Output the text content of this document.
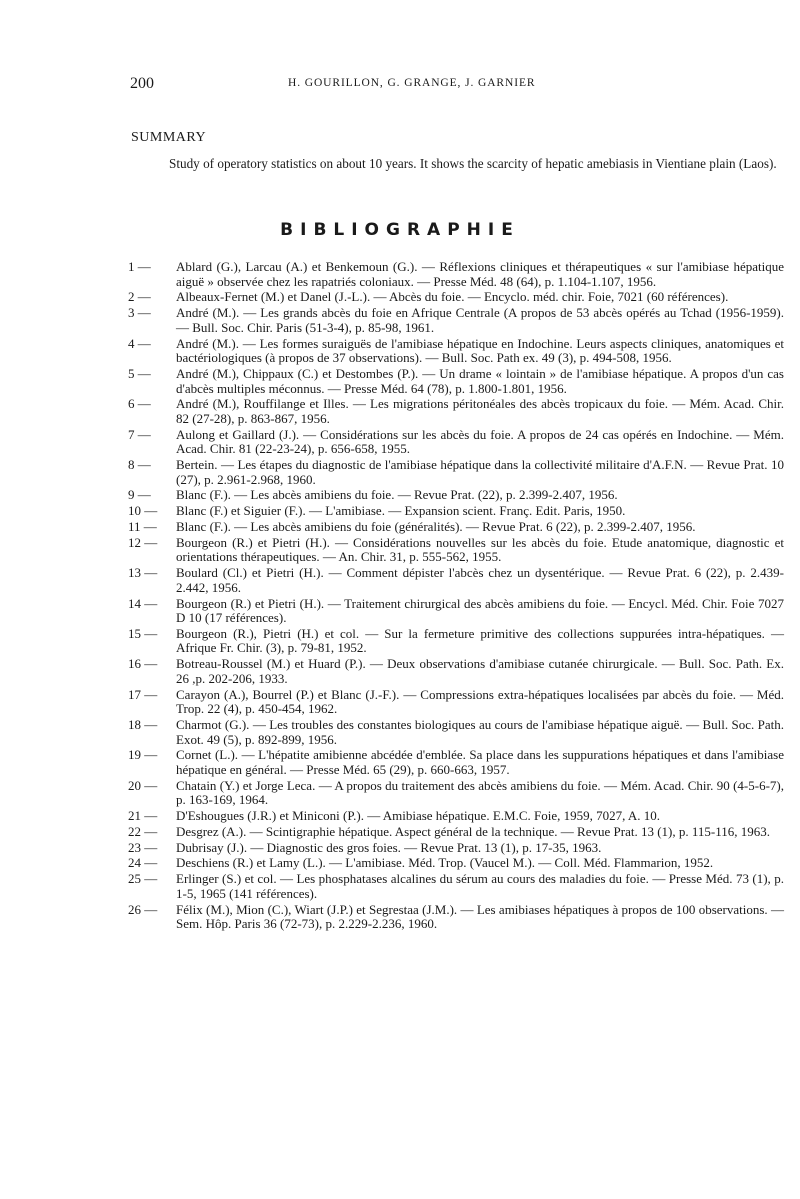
200	H. GOURILLON, G. GRANGE, J. GARNIER
SUMMARY
Study of operatory statistics on about 10 years. It shows the scarcity of hepatic amebiasis in Vientiane plain (Laos).
BIBLIOGRAPHIE
1 —	Ablard (G.), Larcau (A.) et Benkemoun (G.). — Réflexions cliniques et thérapeutiques « sur l'amibiase hépatique aiguë » observée chez les rapatriés coloniaux. — Presse Méd. 48 (64), p. 1.104-1.107, 1956.
2 —	Albeaux-Fernet (M.) et Danel (J.-L.). — Abcès du foie. — Encyclo. méd. chir. Foie, 7021 (60 références).
3 —	André (M.). — Les grands abcès du foie en Afrique Centrale (A propos de 53 abcès opérés au Tchad (1956-1959). — Bull. Soc. Chir. Paris (51-3-4), p. 85-98, 1961.
4 —	André (M.). — Les formes suraiguës de l'amibiase hépatique en Indochine. Leurs aspects cliniques, anatomiques et bactériologiques (à propos de 37 observations). — Bull. Soc. Path ex. 49 (3), p. 494-508, 1956.
5 —	André (M.), Chippaux (C.) et Destombes (P.). — Un drame « lointain » de l'amibiase hépatique. A propos d'un cas d'abcès multiples méconnus. — Presse Méd. 64 (78), p. 1.800-1.801, 1956.
6 —	André (M.), Rouffilange et Illes. — Les migrations péritonéales des abcès tropicaux du foie. — Mém. Acad. Chir. 82 (27-28), p. 863-867, 1956.
7 —	Aulong et Gaillard (J.). — Considérations sur les abcès du foie. A propos de 24 cas opérés en Indochine. — Mém. Acad. Chir. 81 (22-23-24), p. 656-658, 1955.
8 —	Bertein. — Les étapes du diagnostic de l'amibiase hépatique dans la collectivité militaire d'A.F.N. — Revue Prat. 10 (27), p. 2.961-2.968, 1960.
9 —	Blanc (F.). — Les abcès amibiens du foie. — Revue Prat. (22), p. 2.399-2.407, 1956.
10 —	Blanc (F.) et Siguier (F.). — L'amibiase. — Expansion scient. Franç. Edit. Paris, 1950.
11 —	Blanc (F.). — Les abcès amibiens du foie (généralités). — Revue Prat. 6 (22), p. 2.399-2.407, 1956.
12 —	Bourgeon (R.) et Pietri (H.). — Considérations nouvelles sur les abcès du foie. Etude anatomique, diagnostic et orientations thérapeutiques. — An. Chir. 31, p. 555-562, 1955.
13 —	Boulard (Cl.) et Pietri (H.). — Comment dépister l'abcès chez un dysentérique. — Revue Prat. 6 (22), p. 2.439-2.442, 1956.
14 —	Bourgeon (R.) et Pietri (H.). — Traitement chirurgical des abcès amibiens du foie. — Encycl. Méd. Chir. Foie 7027 D 10 (17 références).
15 —	Bourgeon (R.), Pietri (H.) et col. — Sur la fermeture primitive des collections suppurées intra-hépatiques. — Afrique Fr. Chir. (3), p. 79-81, 1952.
16 —	Botreau-Roussel (M.) et Huard (P.). — Deux observations d'amibiase cutanée chirurgicale. — Bull. Soc. Path. Ex. 26 ,p. 202-206, 1933.
17 —	Carayon (A.), Bourrel (P.) et Blanc (J.-F.). — Compressions extra-hépatiques localisées par abcès du foie. — Méd. Trop. 22 (4), p. 450-454, 1962.
18 —	Charmot (G.). — Les troubles des constantes biologiques au cours de l'amibiase hépatique aiguë. — Bull. Soc. Path. Exot. 49 (5), p. 892-899, 1956.
19 —	Cornet (L.). — L'hépatite amibienne abcédée d'emblée. Sa place dans les suppurations hépatiques et dans l'amibiase hépatique en général. — Presse Méd. 65 (29), p. 660-663, 1957.
20 —	Chatain (Y.) et Jorge Leca. — A propos du traitement des abcès amibiens du foie. — Mém. Acad. Chir. 90 (4-5-6-7), p. 163-169, 1964.
21 —	D'Eshougues (J.R.) et Miniconi (P.). — Amibiase hépatique. E.M.C. Foie, 1959, 7027, A. 10.
22 —	Desgrez (A.). — Scintigraphie hépatique. Aspect général de la technique. — Revue Prat. 13 (1), p. 115-116, 1963.
23 —	Dubrisay (J.). — Diagnostic des gros foies. — Revue Prat. 13 (1), p. 17-35, 1963.
24 —	Deschiens (R.) et Lamy (L.). — L'amibiase. Méd. Trop. (Vaucel M.). — Coll. Méd. Flammarion, 1952.
25 —	Erlinger (S.) et col. — Les phosphatases alcalines du sérum au cours des maladies du foie. — Presse Méd. 73 (1), p. 1-5, 1965 (141 références).
26 —	Félix (M.), Mion (C.), Wiart (J.P.) et Segrestaa (J.M.). — Les amibiases hépatiques à propos de 100 observations. — Sem. Hôp. Paris 36 (72-73), p. 2.229-2.236, 1960.
